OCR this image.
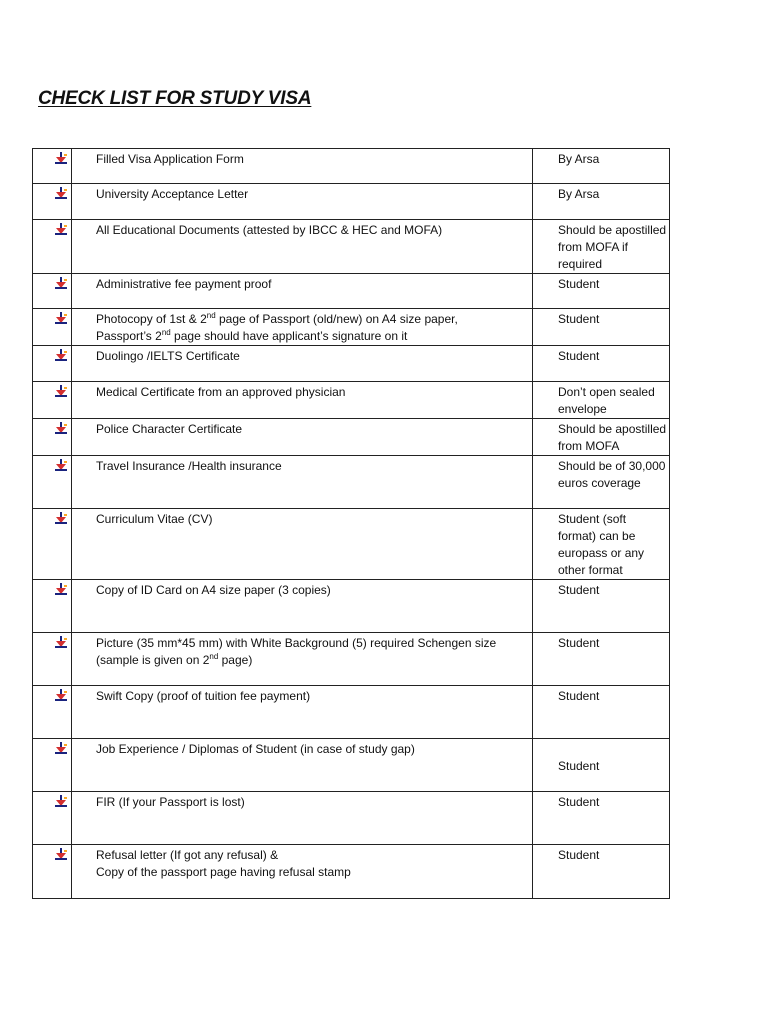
CHECK LIST FOR STUDY VISA

Filled Visa Application Form	By Arsa

University Acceptance Letter	By Arsa

All Educational Documents (attested by IBCC & HEC and MOFA)	Should be apostilled from MOFA if required

Administrative fee payment proof	Student

Photocopy of 1st & 2nd page of Passport (old/new) on A4 size paper,
Passport’s 2nd page should have applicant’s signature on it	Student

Duolingo /IELTS Certificate	Student

Medical Certificate from an approved physician	Don’t open sealed envelope

Police Character Certificate	Should be apostilled from MOFA

Travel Insurance /Health insurance	Should be of 30,000 euros coverage

Curriculum Vitae (CV)	Student (soft format) can be europass or any other format

Copy of ID Card on A4 size paper (3 copies)	Student

Picture (35 mm*45 mm) with White Background (5) required Schengen size (sample is given on 2nd page)	Student

Swift Copy (proof of tuition fee payment)	Student

Job Experience / Diplomas of Student (in case of study gap)	Student

FIR (If your Passport is lost)	Student

Refusal letter (If got any refusal) &
Copy of the passport page having refusal stamp	Student
